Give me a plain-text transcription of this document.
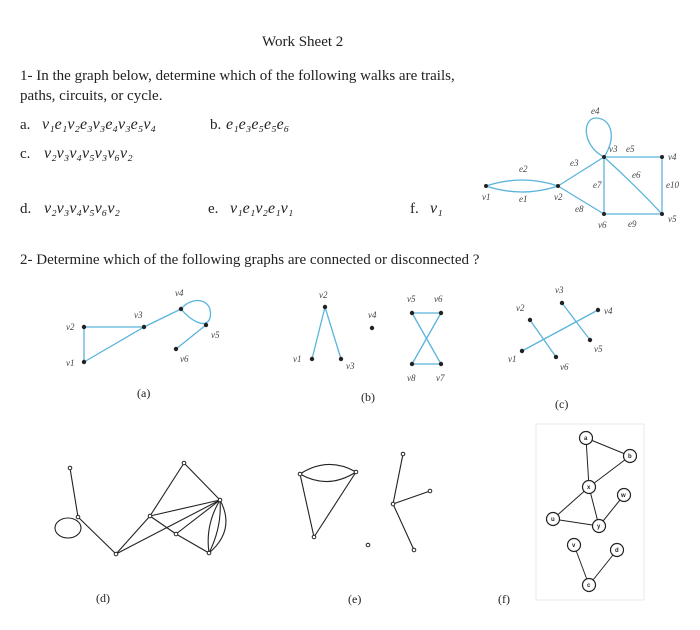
Work Sheet 2
1- In the graph below, determine which of the following walks are trails,
paths, circuits, or cycle.
a. v₁e₁v₂e₃v₃e₄v₃e₅v₄	b. e₁e₃e₅e₅e₆
c. v₂v₃v₄v₅v₃v₆v₂
d. v₂v₃v₄v₅v₆v₂	e. v₁e₁v₂e₁v₁	f. v₁
2- Determine which of the following graphs are connected or disconnected ?
v1	v2
v3
v4
v5
v6
e1
e2
e3
e4
e5
e6
e7
e8
e9
e10
v1
v2
v3
v4
v5
v6
(a)
v1
v2
v3
v4
v5 v6
v7
v8
(b)
v1
v2
v3
v4
v5
v6
(c)
(d)	(e)
a
b
x
w
u
y
v
d
c
(f)
